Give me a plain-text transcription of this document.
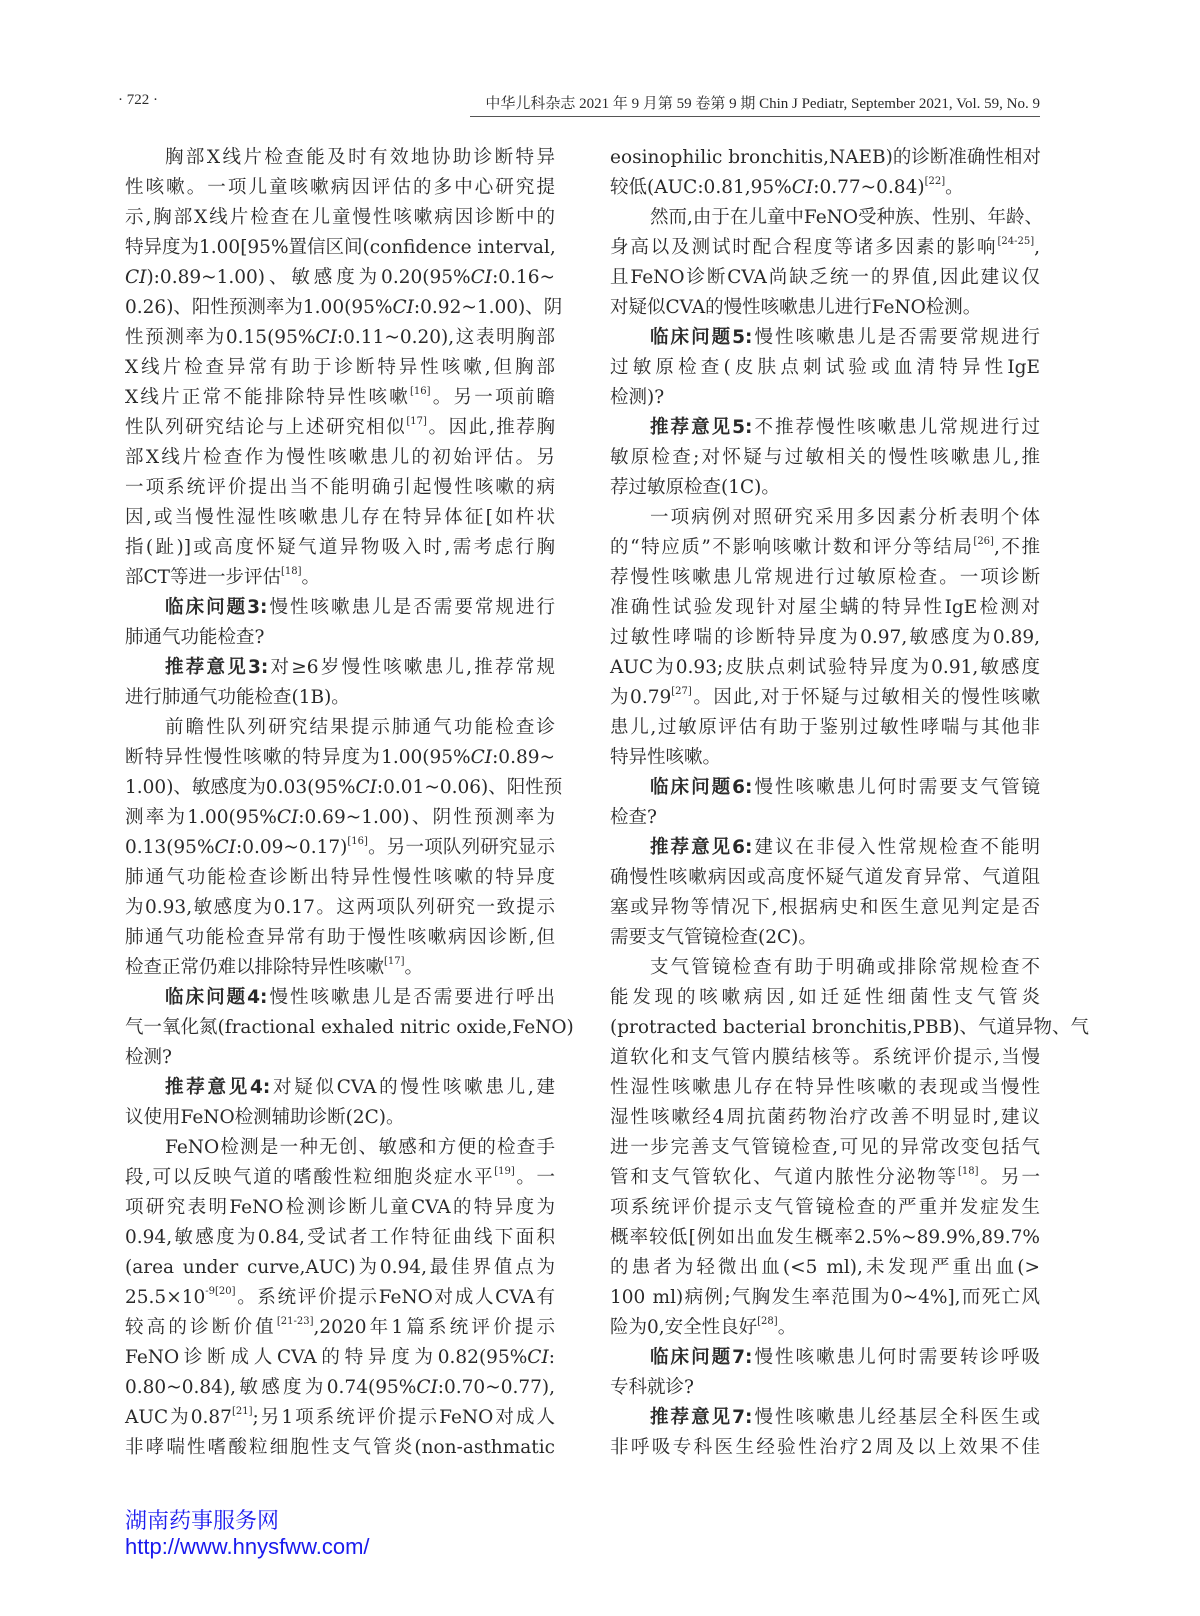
· 722 ·	中华儿科杂志 2021 年 9 月第 59 卷第 9 期 Chin J Pediatr, September 2021, Vol. 59, No. 9
胸部X线片检查能及时有效地协助诊断特异
性咳嗽。一项儿童咳嗽病因评估的多中心研究提
示,胸部X线片检查在儿童慢性咳嗽病因诊断中的
特异度为1.00[95%置信区间(confidence interval,
CI):0.89~1.00)、敏感度为0.20(95%CI:0.16~
0.26)、阳性预测率为1.00(95%CI:0.92~1.00)、阴
性预测率为0.15(95%CI:0.11~0.20),这表明胸部
X线片检查异常有助于诊断特异性咳嗽,但胸部
X线片正常不能排除特异性咳嗽[16]。另一项前瞻
性队列研究结论与上述研究相似[17]。因此,推荐胸
部X线片检查作为慢性咳嗽患儿的初始评估。另
一项系统评价提出当不能明确引起慢性咳嗽的病
因,或当慢性湿性咳嗽患儿存在特异体征[如杵状
指(趾)]或高度怀疑气道异物吸入时,需考虑行胸
部CT等进一步评估[18]。
临床问题3:慢性咳嗽患儿是否需要常规进行
肺通气功能检查?
推荐意见3:对≥6岁慢性咳嗽患儿,推荐常规
进行肺通气功能检查(1B)。
前瞻性队列研究结果提示肺通气功能检查诊
断特异性慢性咳嗽的特异度为1.00(95%CI:0.89~
1.00)、敏感度为0.03(95%CI:0.01~0.06)、阳性预
测率为1.00(95%CI:0.69~1.00)、阴性预测率为
0.13(95%CI:0.09~0.17)[16]。另一项队列研究显示
肺通气功能检查诊断出特异性慢性咳嗽的特异度
为0.93,敏感度为0.17。这两项队列研究一致提示
肺通气功能检查异常有助于慢性咳嗽病因诊断,但
检查正常仍难以排除特异性咳嗽[17]。
临床问题4:慢性咳嗽患儿是否需要进行呼出
气一氧化氮(fractional exhaled nitric oxide,FeNO)
检测?
推荐意见4:对疑似CVA的慢性咳嗽患儿,建
议使用FeNO检测辅助诊断(2C)。
FeNO检测是一种无创、敏感和方便的检查手
段,可以反映气道的嗜酸性粒细胞炎症水平[19]。一
项研究表明FeNO检测诊断儿童CVA的特异度为
0.94,敏感度为0.84,受试者工作特征曲线下面积
(area under curve,AUC)为0.94,最佳界值点为
$25.5\times 10^{-9[20]}$。系统评价提示FeNO对成人CVA有
较高的诊断价值[21-23],2020年1篇系统评价提示
FeNO诊断成人CVA的特异度为0.82(95%CI:
0.80~0.84),敏感度为0.74(95%CI:0.70~0.77),
AUC为0.87[21];另1项系统评价提示FeNO对成人
非哮喘性嗜酸粒细胞性支气管炎(non-asthmatic
eosinophilic bronchitis,NAEB)的诊断准确性相对
较低(AUC:0.81,95%CI:0.77~0.84)[22]。
然而,由于在儿童中FeNO受种族、性别、年龄、
身高以及测试时配合程度等诸多因素的影响[24-25],
且FeNO诊断CVA尚缺乏统一的界值,因此建议仅
对疑似CVA的慢性咳嗽患儿进行FeNO检测。
临床问题5:慢性咳嗽患儿是否需要常规进行
过敏原检查(皮肤点刺试验或血清特异性IgE
检测)?
推荐意见5:不推荐慢性咳嗽患儿常规进行过
敏原检查;对怀疑与过敏相关的慢性咳嗽患儿,推
荐过敏原检查(1C)。
一项病例对照研究采用多因素分析表明个体
的“特应质”不影响咳嗽计数和评分等结局[26],不推
荐慢性咳嗽患儿常规进行过敏原检查。一项诊断
准确性试验发现针对屋尘螨的特异性IgE检测对
过敏性哮喘的诊断特异度为0.97,敏感度为0.89,
AUC为0.93;皮肤点刺试验特异度为0.91,敏感度
为0.79[27]。因此,对于怀疑与过敏相关的慢性咳嗽
患儿,过敏原评估有助于鉴别过敏性哮喘与其他非
特异性咳嗽。
临床问题6:慢性咳嗽患儿何时需要支气管镜
检查?
推荐意见6:建议在非侵入性常规检查不能明
确慢性咳嗽病因或高度怀疑气道发育异常、气道阻
塞或异物等情况下,根据病史和医生意见判定是否
需要支气管镜检查(2C)。
支气管镜检查有助于明确或排除常规检查不
能发现的咳嗽病因,如迁延性细菌性支气管炎
(protracted bacterial bronchitis,PBB)、气道异物、气
道软化和支气管内膜结核等。系统评价提示,当慢
性湿性咳嗽患儿存在特异性咳嗽的表现或当慢性
湿性咳嗽经4周抗菌药物治疗改善不明显时,建议
进一步完善支气管镜检查,可见的异常改变包括气
管和支气管软化、气道内脓性分泌物等[18]。另一
项系统评价提示支气管镜检查的严重并发症发生
概率较低[例如出血发生概率2.5%~89.9%,89.7%
的患者为轻微出血(<5 ml),未发现严重出血(>
100 ml)病例;气胸发生率范围为0~4%],而死亡风
险为0,安全性良好[28]。
临床问题7:慢性咳嗽患儿何时需要转诊呼吸
专科就诊?
推荐意见7:慢性咳嗽患儿经基层全科医生或
非呼吸专科医生经验性治疗2周及以上效果不佳
湖南药事服务网
http://www.hnysfww.com/
